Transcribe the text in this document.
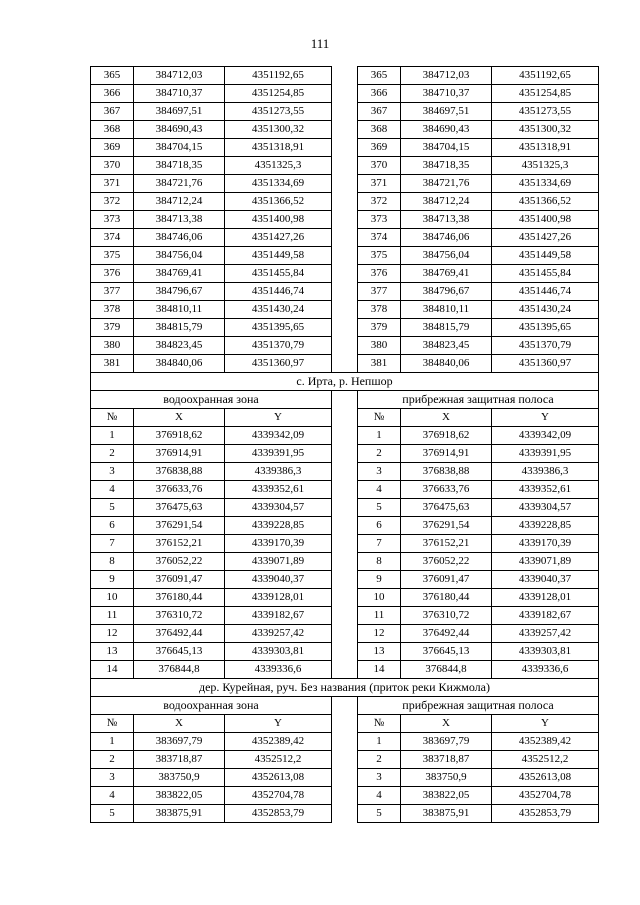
111
365	384712,03	4351192,65		365	384712,03	4351192,65
366	384710,37	4351254,85		366	384710,37	4351254,85
367	384697,51	4351273,55		367	384697,51	4351273,55
368	384690,43	4351300,32		368	384690,43	4351300,32
369	384704,15	4351318,91		369	384704,15	4351318,91
370	384718,35	4351325,3		370	384718,35	4351325,3
371	384721,76	4351334,69		371	384721,76	4351334,69
372	384712,24	4351366,52		372	384712,24	4351366,52
373	384713,38	4351400,98		373	384713,38	4351400,98
374	384746,06	4351427,26		374	384746,06	4351427,26
375	384756,04	4351449,58		375	384756,04	4351449,58
376	384769,41	4351455,84		376	384769,41	4351455,84
377	384796,67	4351446,74		377	384796,67	4351446,74
378	384810,11	4351430,24		378	384810,11	4351430,24
379	384815,79	4351395,65		379	384815,79	4351395,65
380	384823,45	4351370,79		380	384823,45	4351370,79
381	384840,06	4351360,97		381	384840,06	4351360,97
с. Ирта, р. Непшор						
водоохранная зона				прибрежная защитная полоса		
№	X	Y		№	X	Y
1	376918,62	4339342,09		1	376918,62	4339342,09
2	376914,91	4339391,95		2	376914,91	4339391,95
3	376838,88	4339386,3		3	376838,88	4339386,3
4	376633,76	4339352,61		4	376633,76	4339352,61
5	376475,63	4339304,57		5	376475,63	4339304,57
6	376291,54	4339228,85		6	376291,54	4339228,85
7	376152,21	4339170,39		7	376152,21	4339170,39
8	376052,22	4339071,89		8	376052,22	4339071,89
9	376091,47	4339040,37		9	376091,47	4339040,37
10	376180,44	4339128,01		10	376180,44	4339128,01
11	376310,72	4339182,67		11	376310,72	4339182,67
12	376492,44	4339257,42		12	376492,44	4339257,42
13	376645,13	4339303,81		13	376645,13	4339303,81
14	376844,8	4339336,6		14	376844,8	4339336,6
дер. Курейная, руч. Без названия (приток реки Кижмола)						
водоохранная зона				прибрежная защитная полоса		
№	X	Y		№	X	Y
1	383697,79	4352389,42		1	383697,79	4352389,42
2	383718,87	4352512,2		2	383718,87	4352512,2
3	383750,9	4352613,08		3	383750,9	4352613,08
4	383822,05	4352704,78		4	383822,05	4352704,78
5	383875,91	4352853,79		5	383875,91	4352853,79
